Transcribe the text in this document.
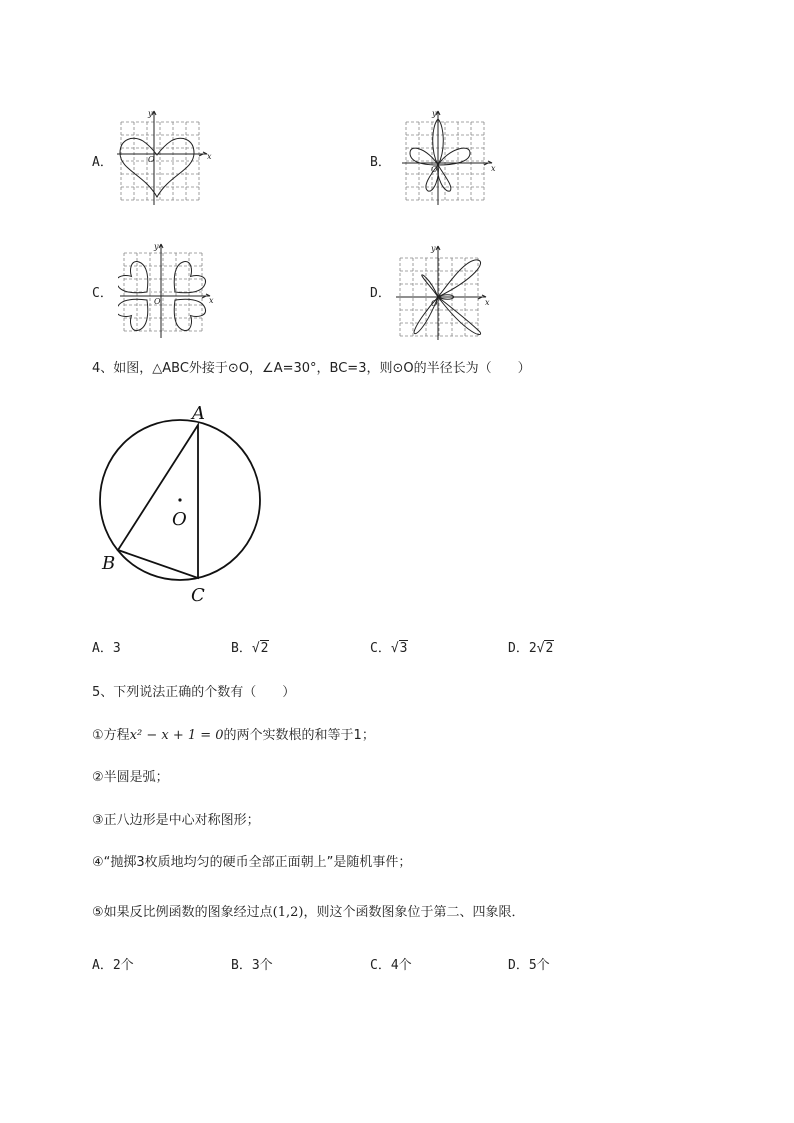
A．
y
x
O	B．
y
x
O
C．
y
x
O
D．
y
x
O
4、如图，△ABC外接于⊙O，∠A=30°，BC=3，则⊙O的半径长为（　　）
A
B
C
O
A．3	B．√2	C．√3	D．2√2
5、下列说法正确的个数有（　　）
①方程x² − x + 1 = 0的两个实数根的和等于1；
②半圆是弧；
③正八边形是中心对称图形；
④“抛掷3枚质地均匀的硬币全部正面朝上”是随机事件；
⑤如果反比例函数的图象经过点(1,2)，则这个函数图象位于第二、四象限．
A．2个	B．3个	C．4个	D．5个
